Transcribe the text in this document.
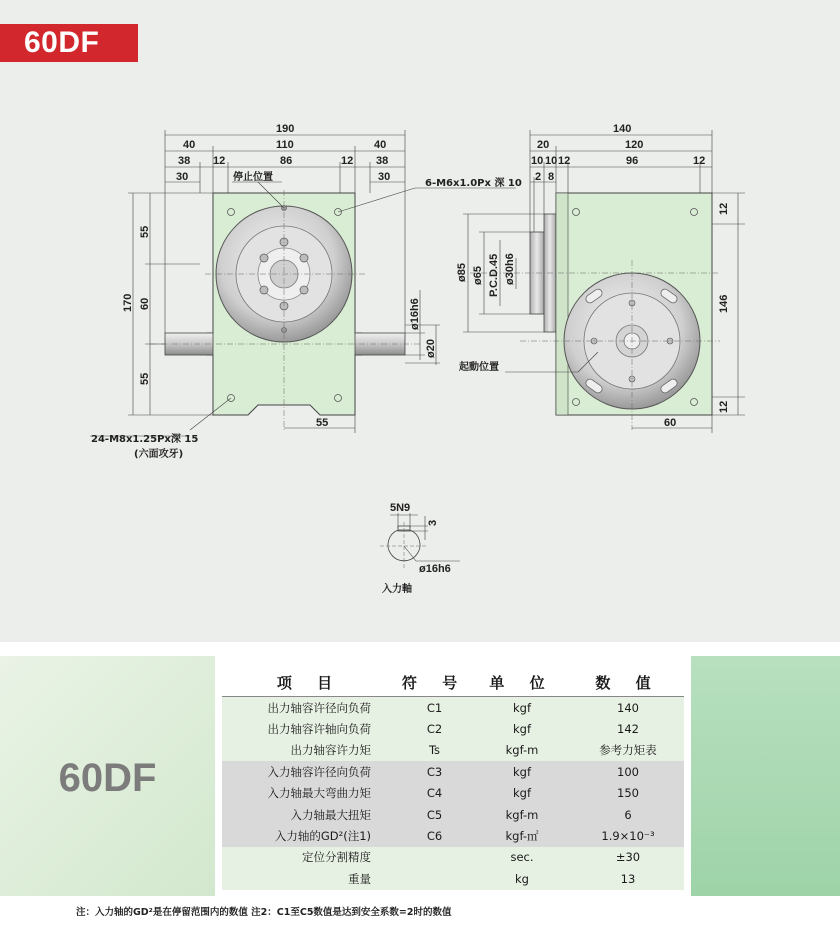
60DF
190
40	110	40
38 12	86	12 38
30	30
170
55
60
55
55
ø16h6
ø20
停止位置
6-M6x1.0Px 深 10
24-M8x1.25Px深 15
(六面攻牙)
140
20	120
10 10 12	96	12
2 8
ø85 ø65 P.C.D.45 ø30h6
12
146
12
60
起動位置
5N9
3
ø16h6
入力軸
60DF
项 目	符 号	单 位	数 值
出力轴容许径向负荷	C1	kgf	140
出力轴容许轴向负荷	C2	kgf	142
出力轴容许力矩	Ts	kgf-m	参考力矩表
入力轴容许径向负荷	C3	kgf	100
入力轴最大弯曲力矩	C4	kgf	150
入力轴最大扭矩	C5	kgf-m	6
入力轴的GD²(注1)	C6	kgf-㎡	1.9×10⁻³
定位分割精度		sec.	±30
重量		kg	13
注：入力轴的GD²是在停留范围内的数值 注2：C1至C5数值是达到安全系数=2时的数值
